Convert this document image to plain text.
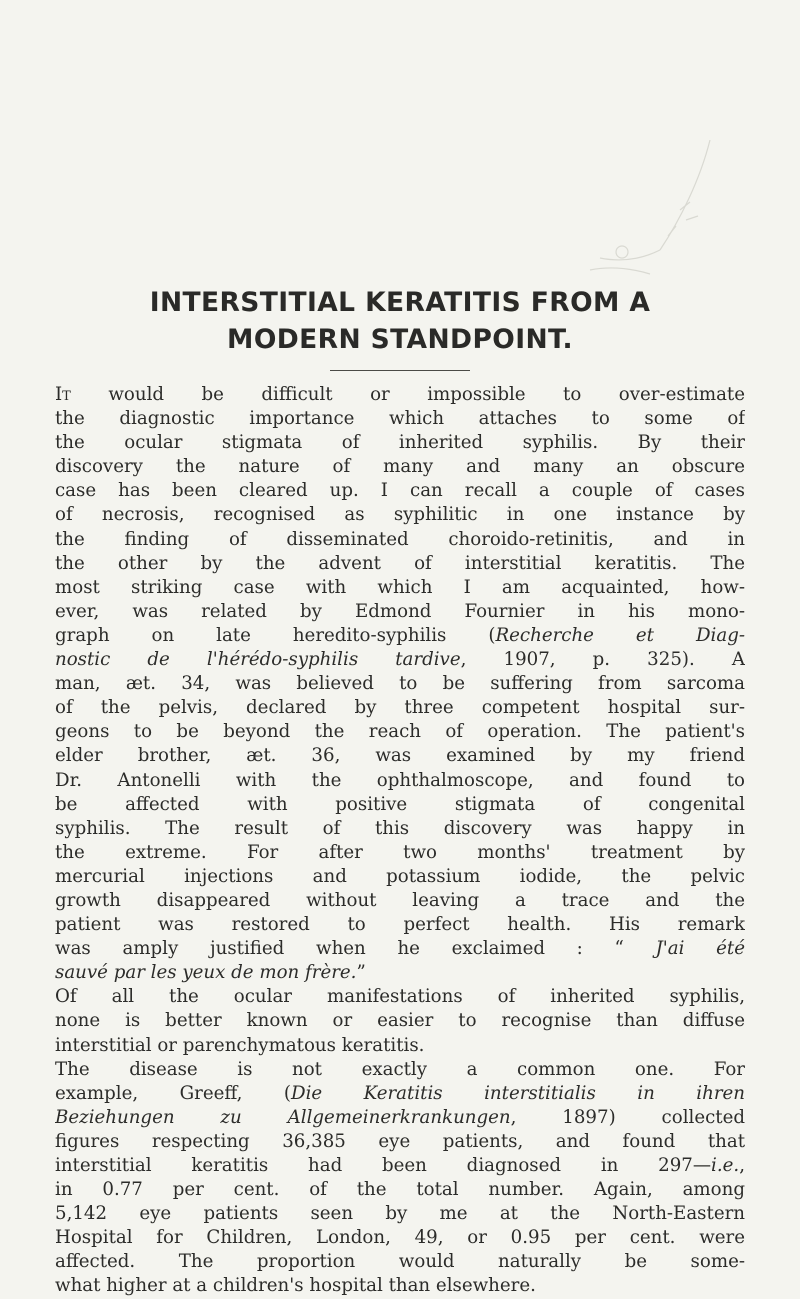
INTERSTITIAL KERATITIS FROM A
MODERN STANDPOINT.
It would be difficult or impossible to over-estimate
the diagnostic importance which attaches to some of
the ocular stigmata of inherited syphilis. By their
discovery the nature of many and many an obscure
case has been cleared up. I can recall a couple of cases
of necrosis, recognised as syphilitic in one instance by
the finding of disseminated choroido-retinitis, and in
the other by the advent of interstitial keratitis. The
most striking case with which I am acquainted, how-
ever, was related by Edmond Fournier in his mono-
graph on late heredito-syphilis (Recherche et Diag-
nostic de l'hérédo-syphilis tardive, 1907, p. 325). A
man, æt. 34, was believed to be suffering from sarcoma
of the pelvis, declared by three competent hospital sur-
geons to be beyond the reach of operation. The patient's
elder brother, æt. 36, was examined by my friend
Dr. Antonelli with the ophthalmoscope, and found to
be affected with positive stigmata of congenital
syphilis. The result of this discovery was happy in
the extreme. For after two months' treatment by
mercurial injections and potassium iodide, the pelvic
growth disappeared without leaving a trace and the
patient was restored to perfect health. His remark
was amply justified when he exclaimed : “ J'ai été
sauvé par les yeux de mon frère.”
Of all the ocular manifestations of inherited syphilis,
none is better known or easier to recognise than diffuse
interstitial or parenchymatous keratitis.
The disease is not exactly a common one. For
example, Greeff, (Die Keratitis interstitialis in ihren
Beziehungen zu Allgemeinerkrankungen, 1897) collected
figures respecting 36,385 eye patients, and found that
interstitial keratitis had been diagnosed in 297—i.e.,
in 0.77 per cent. of the total number. Again, among
5,142 eye patients seen by me at the North-Eastern
Hospital for Children, London, 49, or 0.95 per cent. were
affected. The proportion would naturally be some-
what higher at a children's hospital than elsewhere.
